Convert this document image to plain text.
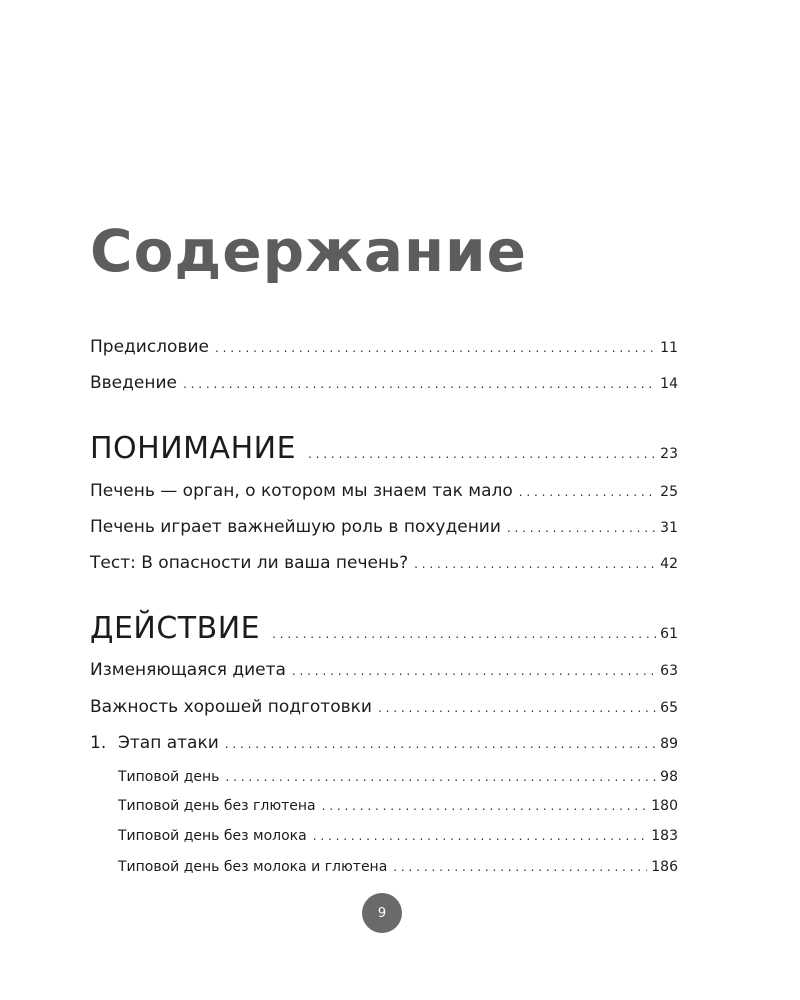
Содержание
Предисловие . . .	11
Введение . . .	14
ПОНИМАНИЕ . . .	23
Печень — орган, о котором мы знаем так мало . . .	25
Печень играет важнейшую роль в похудении . . .	31
Тест: В опасности ли ваша печень? . . .	42
ДЕЙСТВИЕ . . .	61
Изменяющаяся диета . . .	63
Важность хорошей подготовки . . .	65
1. Этап атаки . . .	89
Типовой день . . .	98
Типовой день без глютена . . .	180
Типовой день без молока . . .	183
Типовой день без молока и глютена . . .	186
9
